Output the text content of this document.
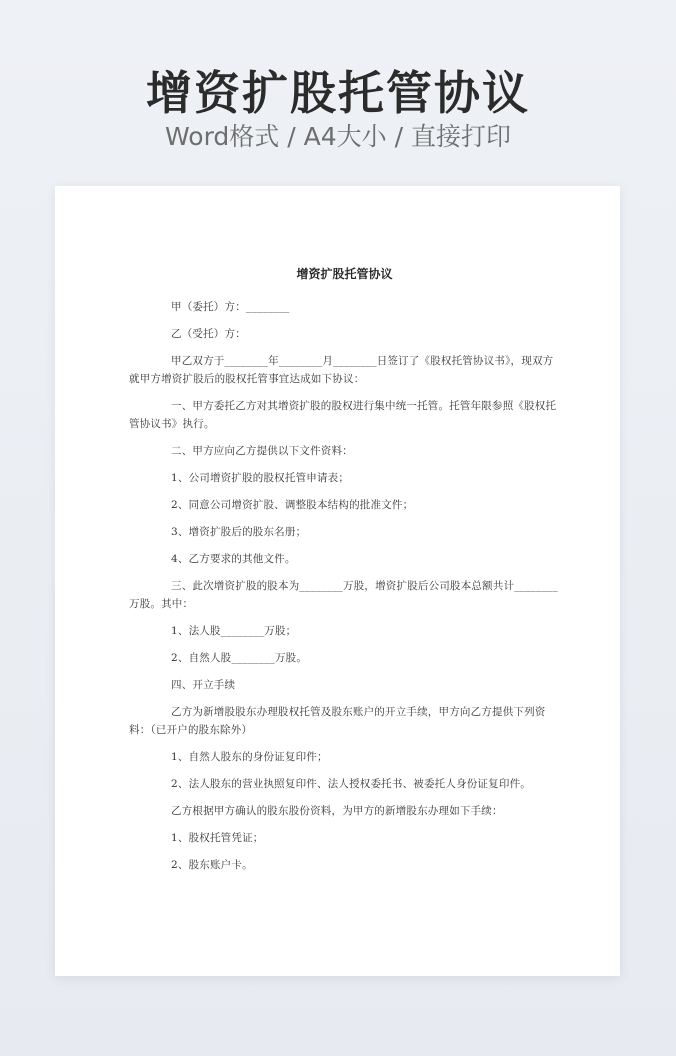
增资扩股托管协议
Word格式 / A4大小 / 直接打印
增资扩股托管协议
甲（委托）方：________
乙（受托）方：
甲乙双方于________年________月________日签订了《股权托管协议书》，现双方就甲方增资扩股后的股权托管事宜达成如下协议：
一、甲方委托乙方对其增资扩股的股权进行集中统一托管。托管年限参照《股权托管协议书》执行。
二、甲方应向乙方提供以下文件资料：
1、公司增资扩股的股权托管申请表；
2、同意公司增资扩股、调整股本结构的批准文件；
3、增资扩股后的股东名册；
4、乙方要求的其他文件。
三、此次增资扩股的股本为________万股，增资扩股后公司股本总额共计________万股。其中：
1、法人股________万股；
2、自然人股________万股。
四、开立手续
乙方为新增股股东办理股权托管及股东账户的开立手续，甲方向乙方提供下列资料：（已开户的股东除外）
1、自然人股东的身份证复印件；
2、法人股东的营业执照复印件、法人授权委托书、被委托人身份证复印件。
乙方根据甲方确认的股东股份资料，为甲方的新增股东办理如下手续：
1、股权托管凭证；
2、股东账户卡。
